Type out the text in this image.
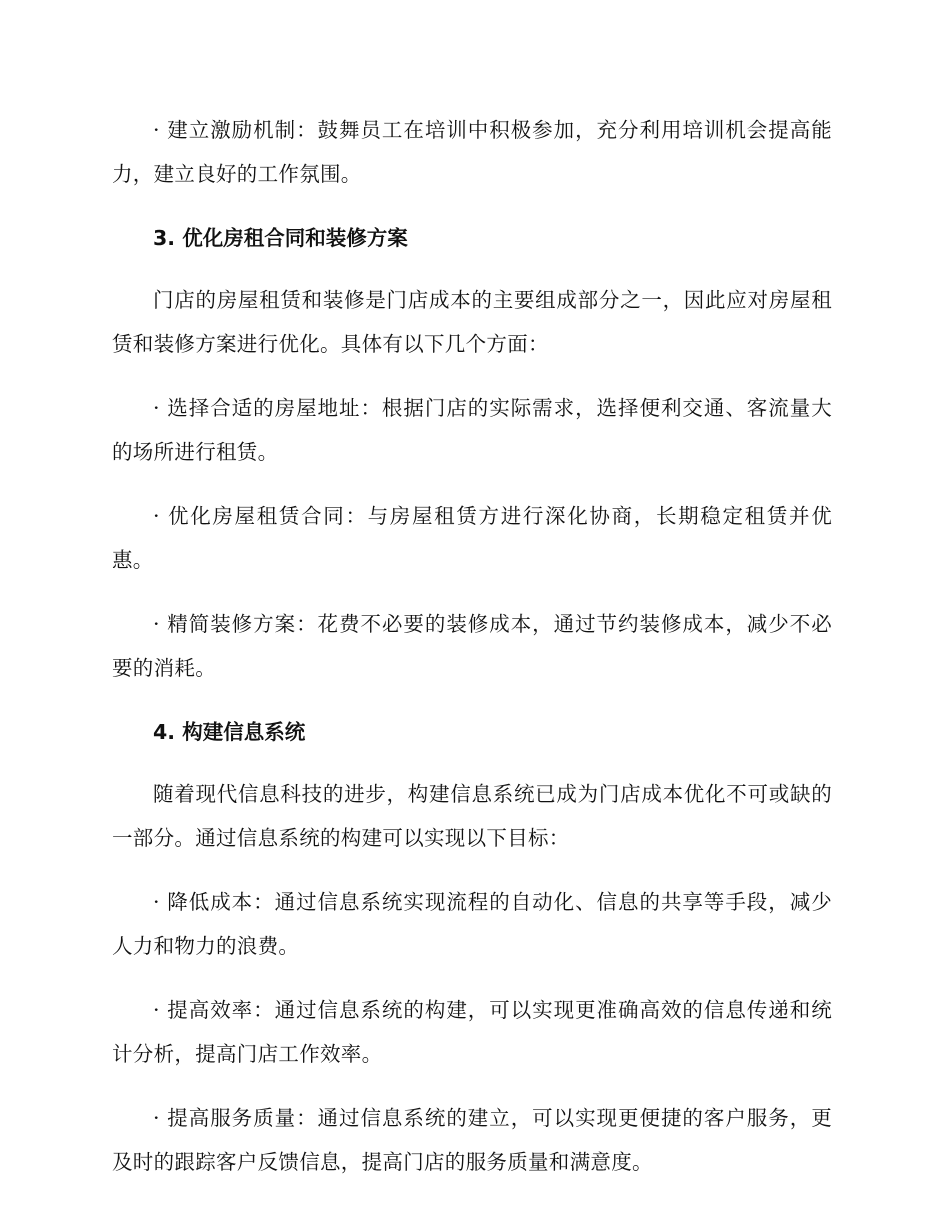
· 建立激励机制：鼓舞员工在培训中积极参加，充分利用培训机会提高能力，建立良好的工作氛围。

3. 优化房租合同和装修方案

门店的房屋租赁和装修是门店成本的主要组成部分之一，因此应对房屋租赁和装修方案进行优化。具体有以下几个方面：

· 选择合适的房屋地址：根据门店的实际需求，选择便利交通、客流量大的场所进行租赁。

· 优化房屋租赁合同：与房屋租赁方进行深化协商，长期稳定租赁并优惠。

· 精简装修方案：花费不必要的装修成本，通过节约装修成本，减少不必要的消耗。

4. 构建信息系统

随着现代信息科技的进步，构建信息系统已成为门店成本优化不可或缺的一部分。通过信息系统的构建可以实现以下目标：

· 降低成本：通过信息系统实现流程的自动化、信息的共享等手段，减少人力和物力的浪费。

· 提高效率：通过信息系统的构建，可以实现更准确高效的信息传递和统计分析，提高门店工作效率。

· 提高服务质量：通过信息系统的建立，可以实现更便捷的客户服务，更及时的跟踪客户反馈信息，提高门店的服务质量和满意度。
